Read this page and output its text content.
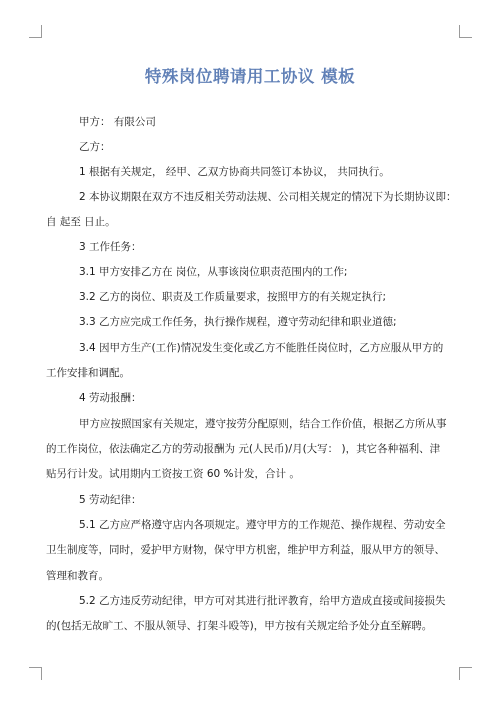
特殊岗位聘请用工协议 模板
甲方： 有限公司
乙方：
1 根据有关规定， 经甲、乙双方协商共同签订本协议， 共同执行。
2 本协议期限在双方不违反相关劳动法规、公司相关规定的情况下为长期协议即：
自 起至 日止。
3 工作任务：
3.1 甲方安排乙方在 岗位，从事该岗位职责范围内的工作;
3.2 乙方的岗位、职责及工作质量要求，按照甲方的有关规定执行;
3.3 乙方应完成工作任务，执行操作规程，遵守劳动纪律和职业道德;
3.4 因甲方生产(工作)情况发生变化或乙方不能胜任岗位时，乙方应服从甲方的
工作安排和调配。
4 劳动报酬：
甲方应按照国家有关规定，遵守按劳分配原则，结合工作价值，根据乙方所从事
的工作岗位，依法确定乙方的劳动报酬为 元(人民币)/月(大写： )，其它各种福利、津
贴另行计发。试用期内工资按工资 60 %计发，合计 。
5 劳动纪律：
5.1 乙方应严格遵守店内各项规定。遵守甲方的工作规范、操作规程、劳动安全
卫生制度等，同时，爱护甲方财物，保守甲方机密，维护甲方利益，服从甲方的领导、
管理和教育。
5.2 乙方违反劳动纪律，甲方可对其进行批评教育，给甲方造成直接或间接损失
的(包括无故旷工、不服从领导、打架斗殴等)，甲方按有关规定给予处分直至解聘。
